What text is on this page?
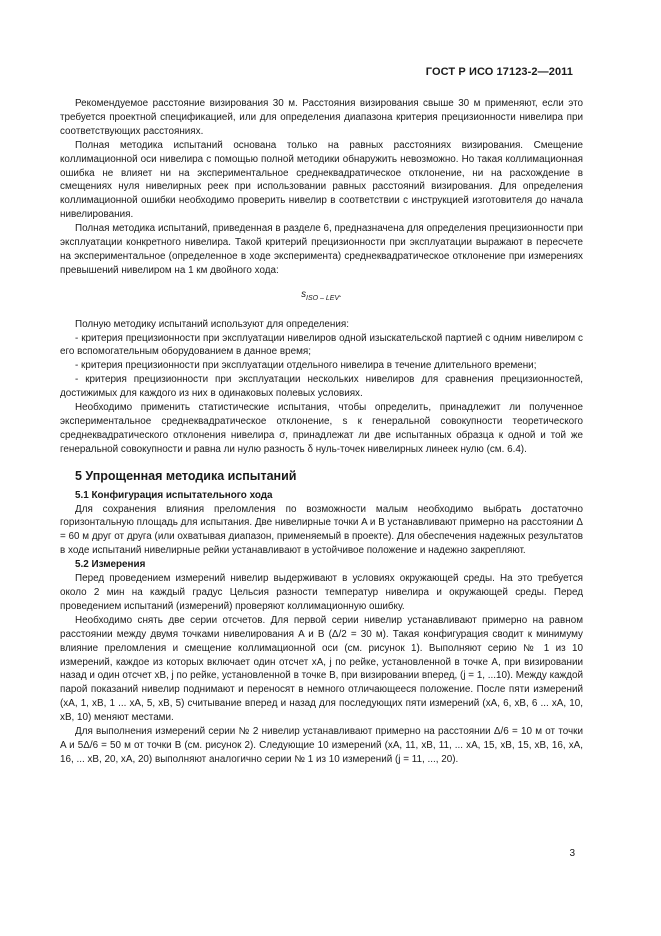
ГОСТ Р ИСО 17123-2—2011

Рекомендуемое расстояние визирования 30 м. Расстояния визирования свыше 30 м применяют, если это требуется проектной спецификацией, или для определения диапазона критерия прецизионности нивелира при соответствующих расстояниях.

Полная методика испытаний основана только на равных расстояниях визирования. Смещение коллимационной оси нивелира с помощью полной методики обнаружить невозможно. Но такая коллимационная ошибка не влияет ни на экспериментальное среднеквадратическое отклонение, ни на расхождение в смещениях нуля нивелирных реек при использовании равных расстояний визирования. Для определения коллимационной ошибки необходимо проверить нивелир в соответствии с инструкцией изготовителя до начала нивелирования.

Полная методика испытаний, приведенная в разделе 6, предназначена для определения прецизионности при эксплуатации конкретного нивелира. Такой критерий прецизионности при эксплуатации выражают в пересчете на экспериментальное (определенное в ходе эксперимента) среднеквадратическое отклонение при измерениях превышений нивелиром на 1 км двойного хода:

$s_{ISO - LEV}$.

Полную методику испытаний используют для определения:

- критерия прецизионности при эксплуатации нивелиров одной изыскательской партией с одним нивелиром с его вспомогательным оборудованием в данное время;

- критерия прецизионности при эксплуатации отдельного нивелира в течение длительного времени;

- критерия прецизионности при эксплуатации нескольких нивелиров для сравнения прецизионностей, достижимых для каждого из них в одинаковых полевых условиях.

Необходимо применить статистические испытания, чтобы определить, принадлежит ли полученное экспериментальное среднеквадратическое отклонение, s к генеральной совокупности теоретического среднеквадратического отклонения нивелира σ, принадлежат ли две испытанных образца к одной и той же генеральной совокупности и равна ли нулю разность δ нуль-точек нивелирных линеек нулю (см. 6.4).

5 Упрощенная методика испытаний
5.1 Конфигурация испытательного хода

Для сохранения влияния преломления по возможности малым необходимо выбрать достаточно горизонтальную площадь для испытания. Две нивелирные точки A и B устанавливают примерно на расстоянии Δ = 60 м друг от друга (или охватывая диапазон, применяемый в проекте). Для обеспечения надежных результатов в ходе испытаний нивелирные рейки устанавливают в устойчивое положение и надежно закрепляют.

5.2 Измерения

Перед проведением измерений нивелир выдерживают в условиях окружающей среды. На это требуется около 2 мин на каждый градус Цельсия разности температур нивелира и окружающей среды. Перед проведением испытаний (измерений) проверяют коллимационную ошибку.

Необходимо снять две серии отсчетов. Для первой серии нивелир устанавливают примерно на равном расстоянии между двумя точками нивелирования A и B (Δ/2 = 30 м). Такая конфигурация сводит к минимуму влияние преломления и смещение коллимационной оси (см. рисунок 1). Выполняют серию № 1 из 10 измерений, каждое из которых включает один отсчет xA, j по рейке, установленной в точке A, при визировании назад и один отсчет xB, j по рейке, установленной в точке B, при визировании вперед, (j = 1, ...10). Между каждой парой показаний нивелир поднимают и переносят в немного отличающееся положение. После пяти измерений (xA, 1, xB, 1 ... xA, 5, xB, 5) считывание вперед и назад для последующих пяти измерений (xA, 6, xB, 6 ... xA, 10, xB, 10) меняют местами.

Для выполнения измерений серии № 2 нивелир устанавливают примерно на расстоянии Δ/6 = 10 м от точки A и 5Δ/6 = 50 м от точки B (см. рисунок 2). Следующие 10 измерений (xA, 11, xB, 11, ... xA, 15, xB, 15, xB, 16, xA, 16, ... xB, 20, xA, 20) выполняют аналогично серии № 1 из 10 измерений (j = 11, ..., 20).

3
